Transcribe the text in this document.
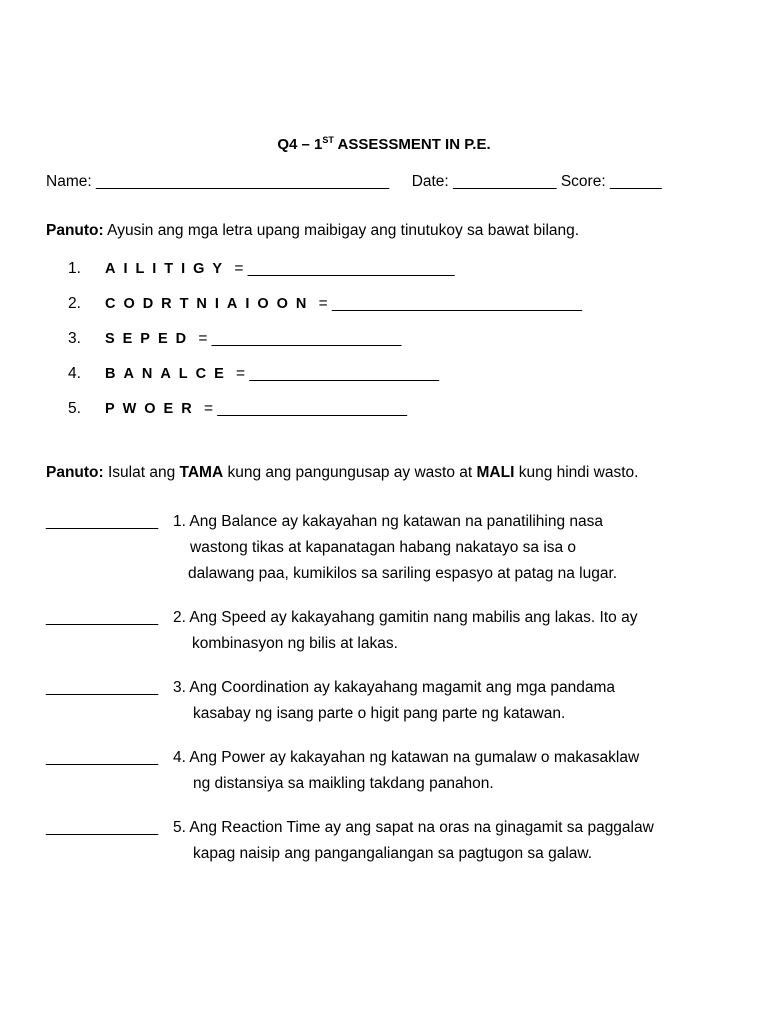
Q4 – 1ST ASSESSMENT IN P.E.
Name: __________________________________ Date: ____________ Score: ______
Panuto: Ayusin ang mga letra upang maibigay ang tinutukoy sa bawat bilang.
1. AILITIGY = ________________________
2. CODRTNIAIOON = _____________________________
3. SEPED = ______________________
4. BANALCE = ______________________
5. PWOER = ______________________
Panuto: Isulat ang TAMA kung ang pangungusap ay wasto at MALI kung hindi wasto.
_____________ 1. Ang Balance ay kakayahan ng katawan na panatilihing nasa
wastong tikas at kapanatagan habang nakatayo sa isa o
dalawang paa, kumikilos sa sariling espasyo at patag na lugar.
_____________ 2. Ang Speed ay kakayahang gamitin nang mabilis ang lakas. Ito ay
kombinasyon ng bilis at lakas.
_____________ 3. Ang Coordination ay kakayahang magamit ang mga pandama
kasabay ng isang parte o higit pang parte ng katawan.
_____________ 4. Ang Power ay kakayahan ng katawan na gumalaw o makasaklaw
ng distansiya sa maikling takdang panahon.
_____________ 5. Ang Reaction Time ay ang sapat na oras na ginagamit sa paggalaw
kapag naisip ang pangangaliangan sa pagtugon sa galaw.
